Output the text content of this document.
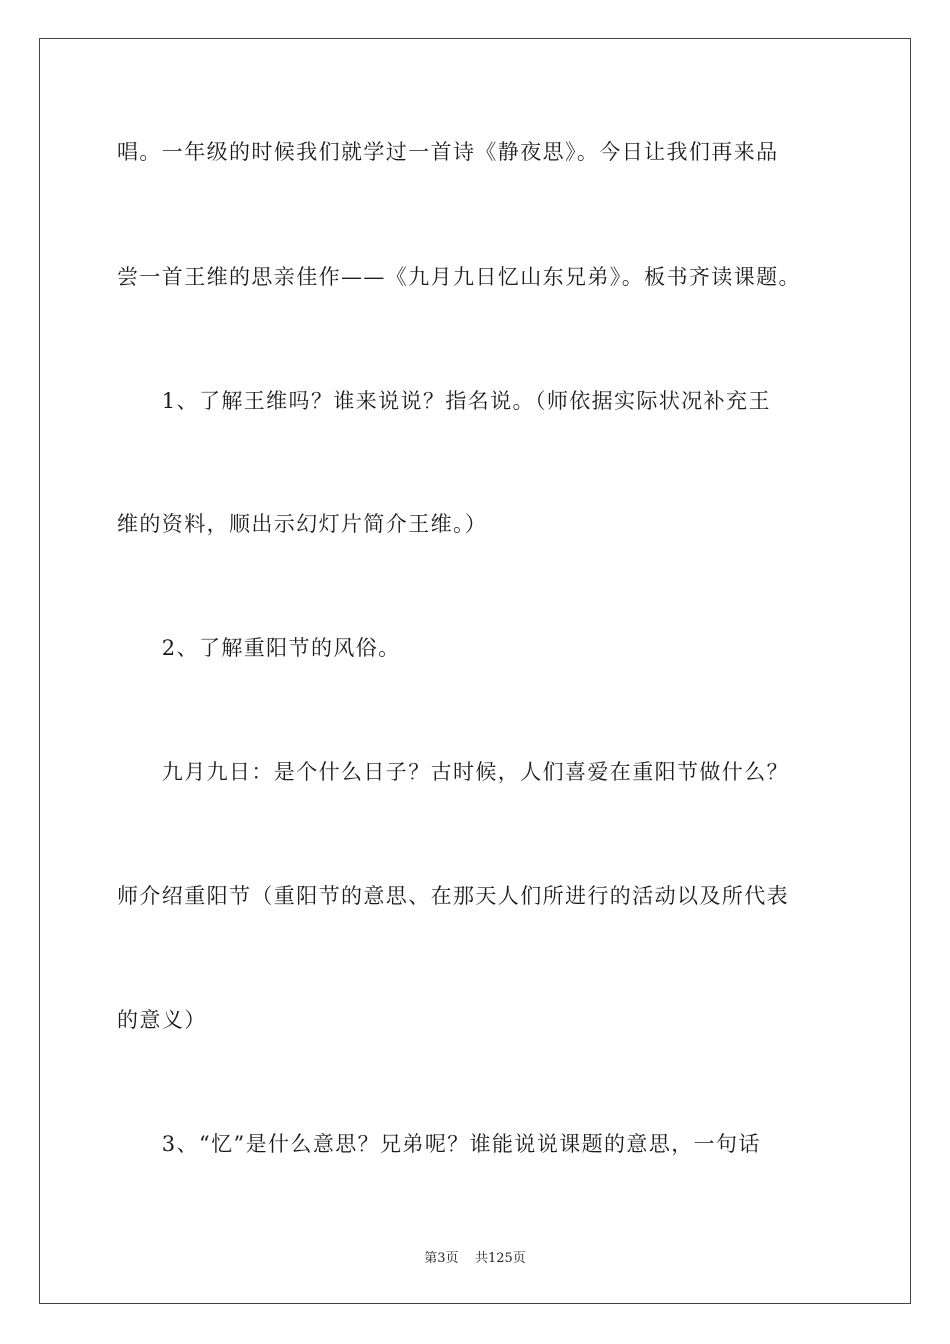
唱。一年级的时候我们就学过一首诗《静夜思》。今日让我们再来品
尝一首王维的思亲佳作——《九月九日忆山东兄弟》。板书齐读课题。
　　1、了解王维吗？谁来说说？指名说。（师依据实际状况补充王
维的资料，顺出示幻灯片简介王维。）
　　2、了解重阳节的风俗。
　　九月九日：是个什么日子？古时候，人们喜爱在重阳节做什么？
师介绍重阳节（重阳节的意思、在那天人们所进行的活动以及所代表
的意义）
　　3、“忆”是什么意思？兄弟呢？谁能说说课题的意思，一句话
第3页    共125页
